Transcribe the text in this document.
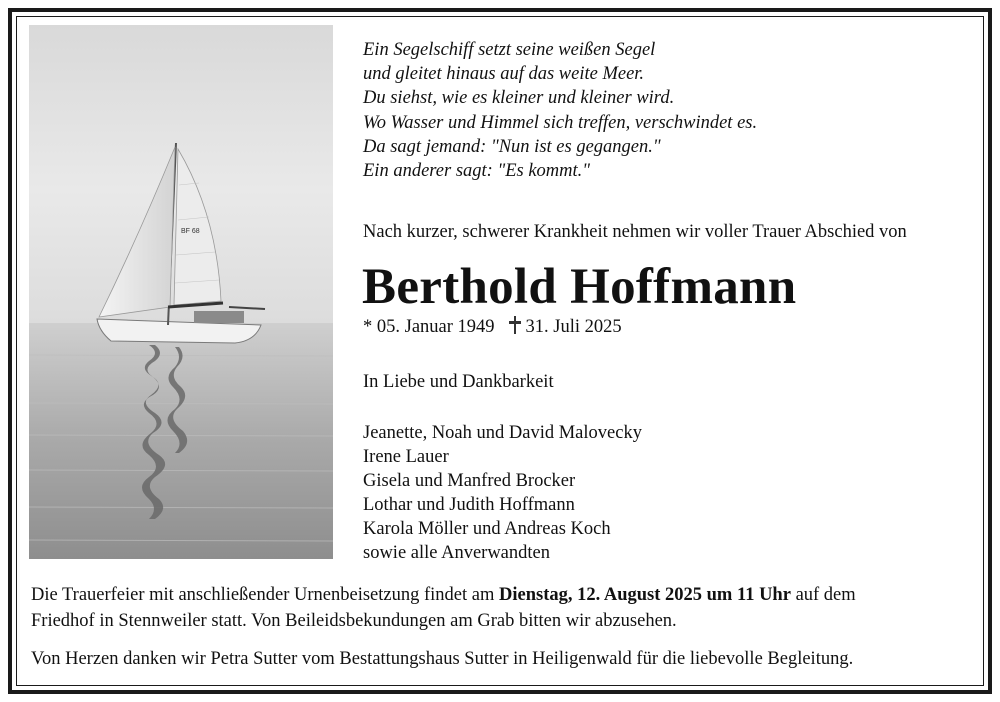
BF 68
Ein Segelschiff setzt seine weißen Segel
und gleitet hinaus auf das weite Meer.
Du siehst, wie es kleiner und kleiner wird.
Wo Wasser und Himmel sich treffen, verschwindet es.
Da sagt jemand: "Nun ist es gegangen."
Ein anderer sagt: "Es kommt."
Nach kurzer, schwerer Krankheit nehmen wir voller Trauer Abschied von
Berthold Hoffmann
* 05. Januar 1949 31. Juli 2025
In Liebe und Dankbarkeit
Jeanette, Noah und David Malovecky
Irene Lauer
Gisela und Manfred Brocker
Lothar und Judith Hoffmann
Karola Möller und Andreas Koch
sowie alle Anverwandten
Die Trauerfeier mit anschließender Urnenbeisetzung findet am Dienstag, 12. August 2025 um 11 Uhr auf dem
Friedhof in Stennweiler statt. Von Beileidsbekundungen am Grab bitten wir abzusehen.
Von Herzen danken wir Petra Sutter vom Bestattungshaus Sutter in Heiligenwald für die liebevolle Begleitung.
